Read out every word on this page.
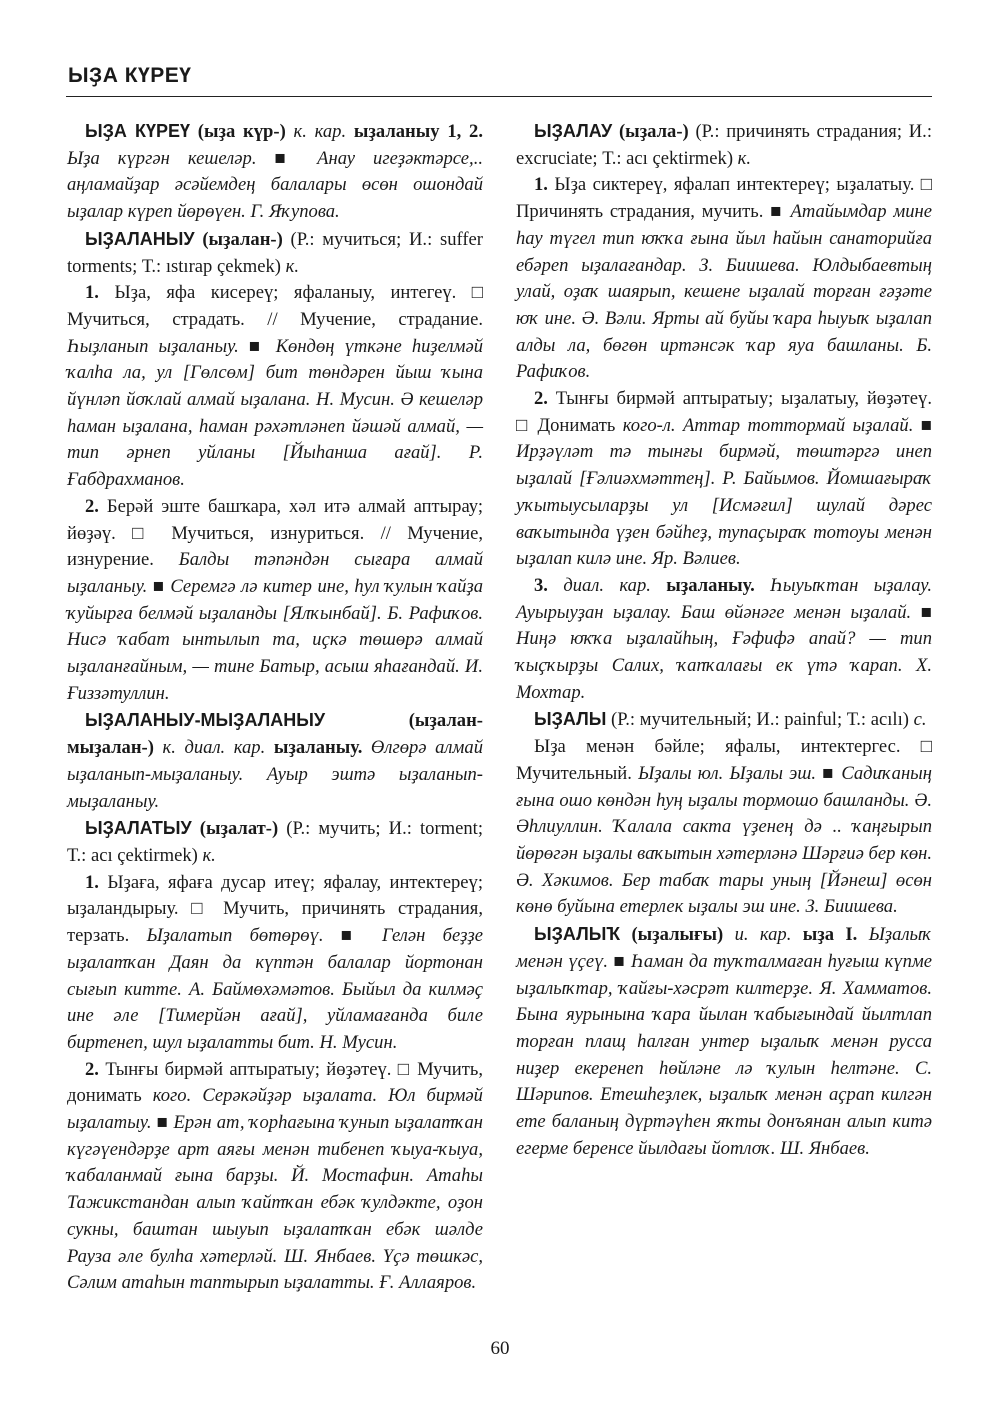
ЫҘА КҮРЕҮ

ЫҘА КҮРЕҮ (ыҙа күр-) к. кар. ыҙаланыу 1, 2. Ыҙа күргән кешеләр. ■ Анау игеҙәктәрсе,.. аңламайҙар әсәйемдең балалары өсөн ошондай ыҙалар күреп йөрөүен. Г. Яҡупова.

ЫҘАЛАНЫУ (ыҙалан-) (Р.: мучиться; И.: suffer torments; Т.: ıstırap çekmek) к.

1. Ыҙа, яфа кисереү; яфаланыу, интегеү. □ Мучиться, страдать. // Мучение, страдание. Һыҙланып ыҙаланыу. ■ Көндөң үткәне һиҙелмәй ҡалһа ла, ул [Гөлсөм] бит төндәрен йыш ҡына йүнләп йоҡлай алмай ыҙалана. Н. Мусин. Ә кешеләр һаман ыҙалана, һаман рәхәтләнеп йәшәй алмай, — тип әрнеп уйланы [Йыһанша ағай]. Р. Ғабдрахманов.

2. Берәй эште башҡара, хәл итә алмай аптырау; йөҙәү. □ Мучиться, изнуриться. // Мучение, изнурение. Балды тәпәндән сығара алмай ыҙаланыу. ■ Серемгә лә китер ине, һул ҡулын ҡайҙа ҡуйырға белмәй ыҙаланды [Ялҡынбай]. Б. Рафиҡов. Нисә ҡабат ынтылып та, иҫкә төшөрә алмай ыҙаланғайным, — тине Батыр, асыш яһағандай. И. Ғиззәтуллин.

ЫҘАЛАНЫУ-МЫҘАЛАНЫУ	(ыҙалан-мыҙалан-) к. диал. кар. ыҙаланыу. Өлгөрә алмай ыҙаланып-мыҙаланыу. Ауыр эштә ыҙаланып-мыҙаланыу.

ЫҘАЛАТЫУ (ыҙалат-) (Р.: мучить; И.: torment; Т.: acı çektirmek) к.

1. Ыҙаға, яфаға дусар итеү; яфалау, интектереү; ыҙаландырыу. □ Мучить, причинять страдания, терзать. Ыҙалатып бөтөрөү. ■ Гелән беҙҙе ыҙалатҡан Даян да күптән балалар йортонан сығып китте. А. Баймөхәмәтов. Быйыл да килмәҫ ине әле [Тимерйән ағай], уйламағанда биле биртенеп, шул ыҙалатты бит. Н. Мусин.

2. Тынғы бирмәй аптыратыу; йөҙәтеү. □ Мучить, донимать кого. Серәкәйҙәр ыҙалата. Юл бирмәй ыҙалатыу. ■ Ерән ат, ҡорһағына ҡунып ыҙалатҡан күгәүендәрҙе арт аяғы менән тибенеп ҡыуа-ҡыуа, ҡабаланмай ғына барҙы. Й. Мостафин. Атаһы Тажикстандан алып ҡайтҡан ебәк ҡулдәкте, оҙон сукны, баштан шыуып ыҙалатҡан ебәк шәлде Рауза әле булһа хәтерләй. Ш. Янбаев. Үҫә төшкәс, Сәлим атаһын таптырып ыҙалатты. Ғ. Аллаяров.

ЫҘАЛАУ (ыҙала-) (Р.: причинять страдания; И.: excruciate; Т.: acı çektirmek) к.

1. Ыҙа сиктереү, яфалап интектереү; ыҙалатыу. □ Причинять страдания, мучить. ■ Атайымдар мине һау түгел тип юҡҡа ғына йыл һайын санаторийға ебәреп ыҙалағандар. З. Биишева. Юлдыбаевтың улай, оҙаҡ шаярып, кешене ыҙалай торған ғәҙәте юҡ ине. Ә. Вәли. Ярты ай буйы ҡара һыуыҡ ыҙалап алды ла, бөгөн иртәнсәк ҡар яуа башланы. Б. Рафиҡов.

2. Тынғы бирмәй аптыратыу; ыҙалатыу, йөҙәтеү. □ Донимать кого-л. Аттар тоттормай ыҙалай. ■ Ирҙәүләт тә тынғы бирмәй, төштәргә инеп ыҙалай [Ғәлиәхмәттең]. Р. Байымов. Йомшағыраҡ уҡытыусыларҙы ул [Исмәғил] шулай дәрес ваҡытында үҙен бәйһеҙ, тупаҫыраҡ тотоуы менән ыҙалап килә ине. Яр. Вәлиев.

3. диал. кар. ыҙаланыу. Һыуыҡтан ыҙалау. Ауырыуҙан ыҙалау. Баш өйәнәге менән ыҙалай. ■ Ниңә юҡҡа ыҙалайһың, Ғәфифә апай? — тип ҡыҫҡырҙы Салих, ҡапҡалағы ек үтә ҡарап. Х. Мохтар.

ЫҘАЛЫ (Р.: мучительный; И.: painful; Т.: acılı) с.

Ыҙа менән бәйле; яфалы, интектергес. □ Мучительный. Ыҙалы юл. Ыҙалы эш. ■ Садиҡаның ғына ошо көндән һуң ыҙалы тормошо башланды. Ә. Әһлиуллин. Ҡалала сакта үҙенең дә .. ҡаңғырып йөрөгән ыҙалы ваҡытын хәтерләнә Шәрғиә бер көн. Ә. Хәкимов. Бер табаҡ тары уның [Йәнеш] өсөн көнө буйына етерлек ыҙалы эш ине. З. Биишева.

ЫҘАЛЫҠ (ыҙалығы) и. кар. ыҙа I. Ыҙалыҡ менән үҫеү. ■ Һаман да туҡталмаған һуғыш күпме ыҙалыҡтар, ҡайғы-хәсрәт килтерҙе. Я. Хамматов. Бына яурынына ҡара йылан ҡабығындай йылтлап торған плащ һалған унтер ыҙалыҡ менән русса ниҙер екеренеп һөйләне лә ҡулын һелтәне. С. Шәрипов. Етешһеҙлек, ыҙалыҡ менән аҫрап килгән ете баланың дүртәүһен яҡты донъянан алып китә егерме беренсе йылдағы йотлоҡ. Ш. Янбаев.

60
